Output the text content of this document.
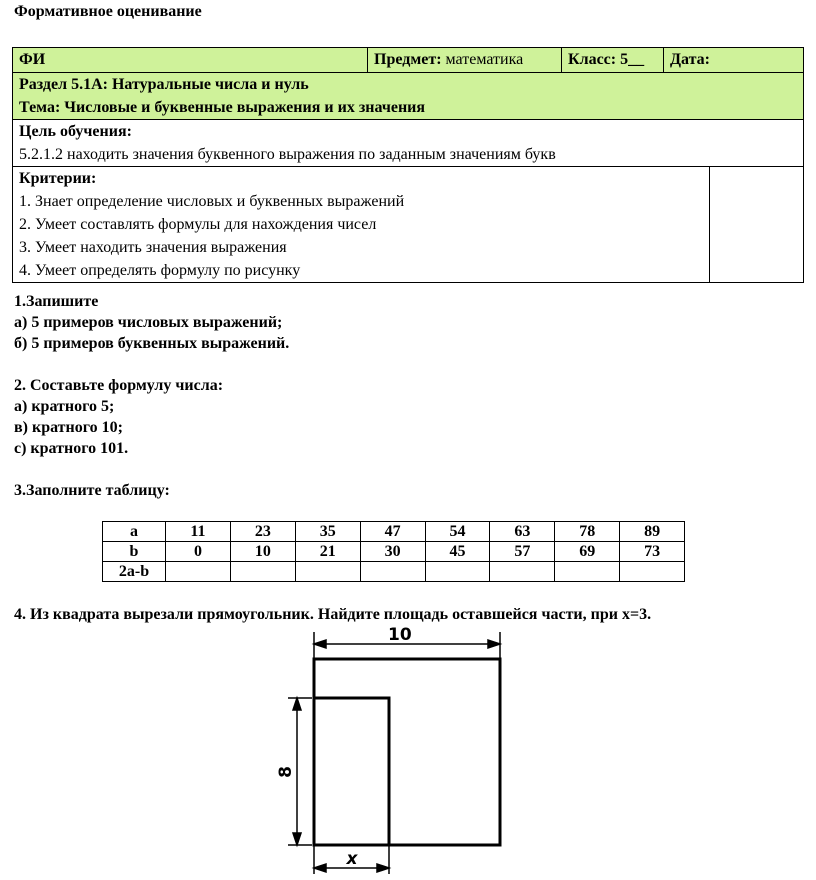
Формативное оценивание
ФИ	Предмет: математика	Класс: 5__	Дата:	

Раздел 5.1А: Натуральные числа и нуль
Тема: Числовые и буквенные выражения и их значения				

Цель обучения:
5.2.1.2 находить значения буквенного выражения по заданным значениям букв				

Критерии:
1. Знает определение числовых и буквенных выражений
2. Умеет составлять формулы для нахождения чисел
3. Умеет находить значения выражения
4. Умеет определять формулу по рисунку				

1.Запишите
а) 5 примеров числовых выражений;
б) 5 примеров буквенных выражений.
2. Составьте формулу числа:
а) кратного 5;
в) кратного 10;
с) кратного 101.
3.Заполните таблицу:
a	11	23	35	47	54	63	78	89
b	0	10	21	30	45	57	69	73
2a-b								
4. Из квадрата вырезали прямоугольник. Найдите площадь оставшейся части, при х=3.
10
8
x
